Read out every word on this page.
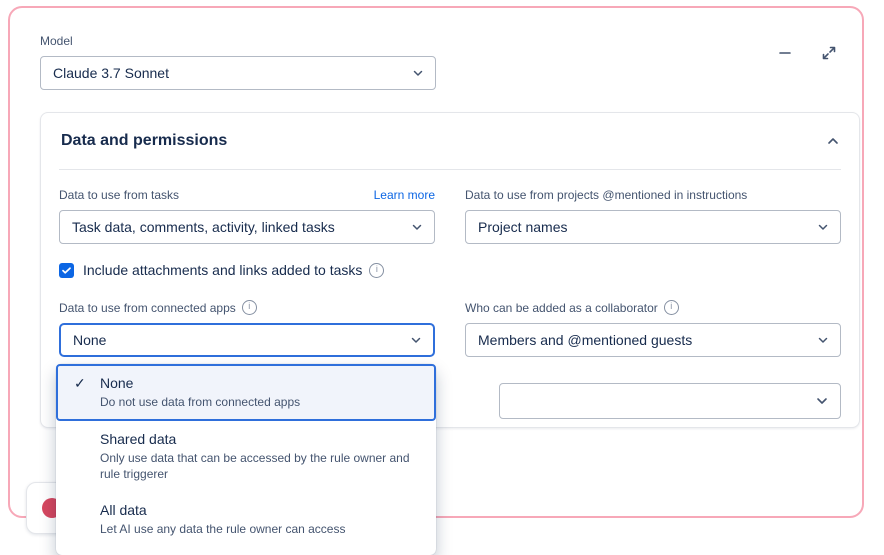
Model
Claude 3.7 Sonnet
Data and permissions
Data to use from tasks	Learn more
Task data, comments, activity, linked tasks
Data to use from projects @mentioned in instructions
Project names
Include attachments and links added to tasks	i
Data to use from connected apps	i
None
Who can be added as a collaborator	i
Members and @mentioned guests
✓ None
Do not use data from connected apps
Shared data
Only use data that can be accessed by the rule owner and rule triggerer
All data
Let AI use any data the rule owner can access
